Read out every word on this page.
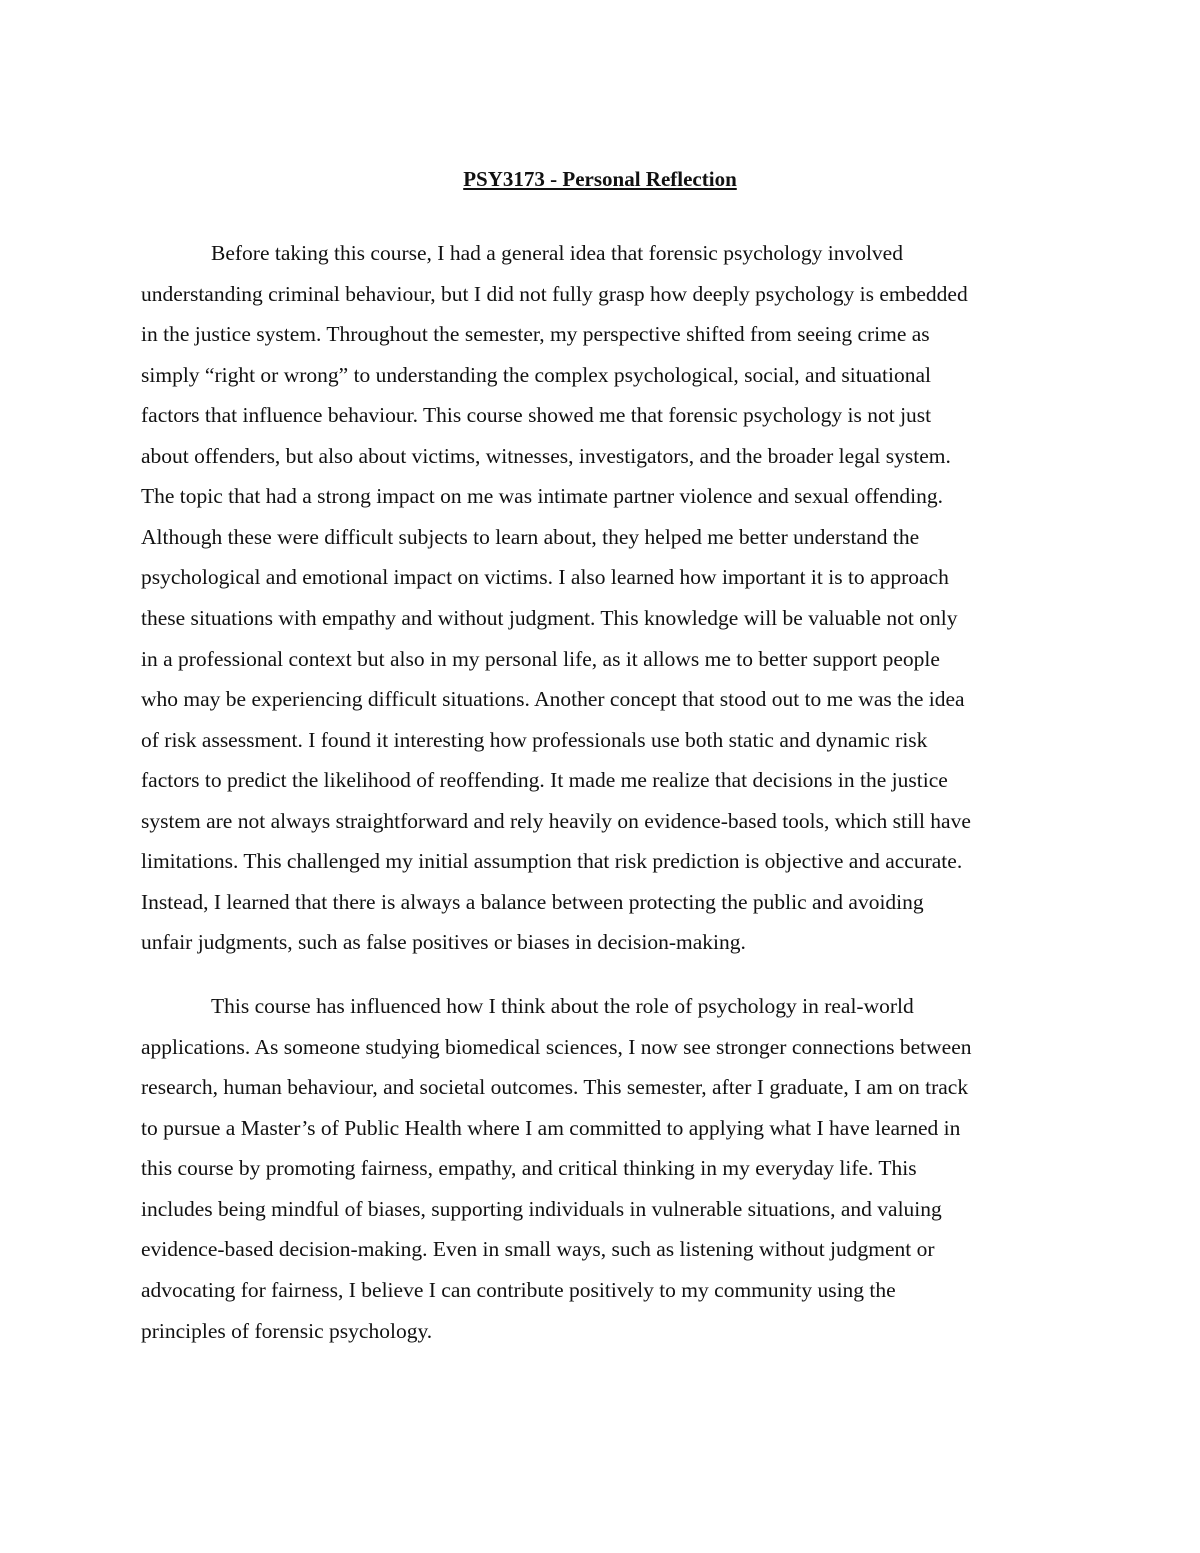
PSY3173 - Personal Reflection

Before taking this course, I had a general idea that forensic psychology involved

understanding criminal behaviour, but I did not fully grasp how deeply psychology is embedded

in the justice system. Throughout the semester, my perspective shifted from seeing crime as

simply “right or wrong” to understanding the complex psychological, social, and situational

factors that influence behaviour. This course showed me that forensic psychology is not just

about offenders, but also about victims, witnesses, investigators, and the broader legal system.

The topic that had a strong impact on me was intimate partner violence and sexual offending.

Although these were difficult subjects to learn about, they helped me better understand the

psychological and emotional impact on victims. I also learned how important it is to approach

these situations with empathy and without judgment. This knowledge will be valuable not only

in a professional context but also in my personal life, as it allows me to better support people

who may be experiencing difficult situations. Another concept that stood out to me was the idea

of risk assessment. I found it interesting how professionals use both static and dynamic risk

factors to predict the likelihood of reoffending. It made me realize that decisions in the justice

system are not always straightforward and rely heavily on evidence-based tools, which still have

limitations. This challenged my initial assumption that risk prediction is objective and accurate.

Instead, I learned that there is always a balance between protecting the public and avoiding

unfair judgments, such as false positives or biases in decision-making.

This course has influenced how I think about the role of psychology in real-world

applications. As someone studying biomedical sciences, I now see stronger connections between

research, human behaviour, and societal outcomes. This semester, after I graduate, I am on track

to pursue a Master’s of Public Health where I am committed to applying what I have learned in

this course by promoting fairness, empathy, and critical thinking in my everyday life. This

includes being mindful of biases, supporting individuals in vulnerable situations, and valuing

evidence-based decision-making. Even in small ways, such as listening without judgment or

advocating for fairness, I believe I can contribute positively to my community using the

principles of forensic psychology.
